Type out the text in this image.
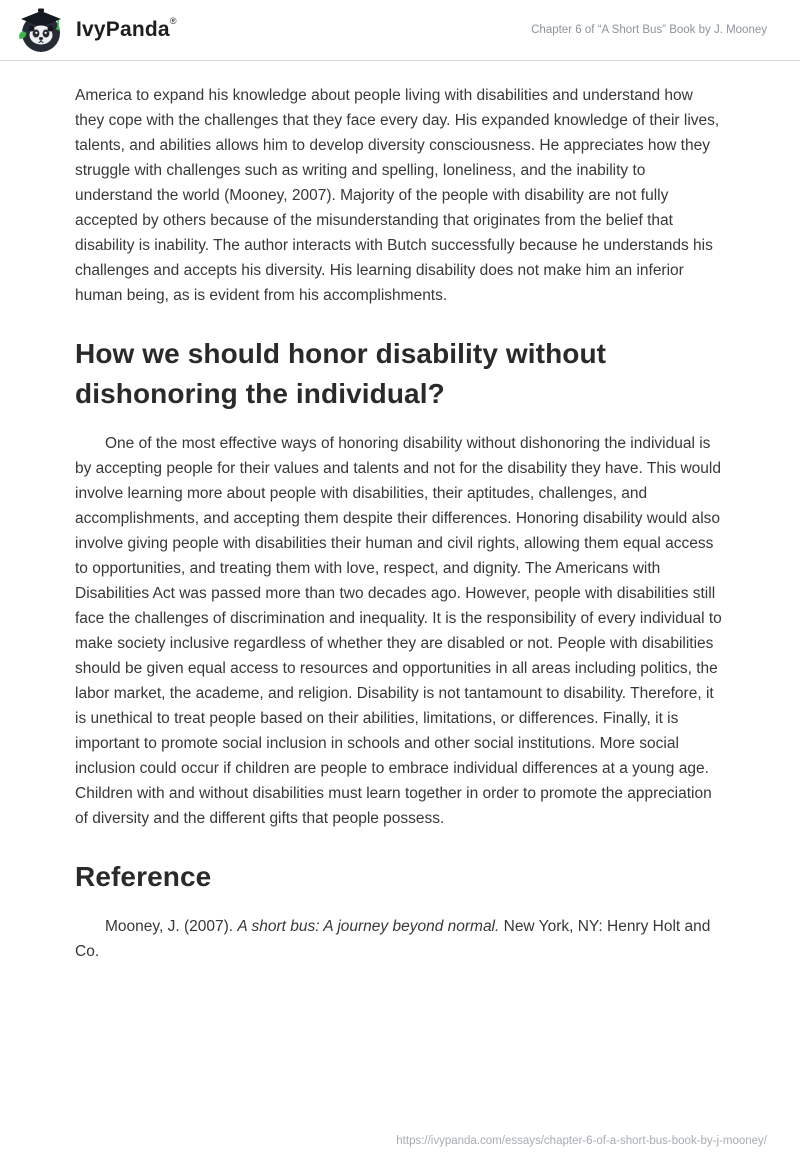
IvyPanda®
Chapter 6 of “A Short Bus” Book by J. Mooney

America to expand his knowledge about people living with disabilities and understand how they cope with the challenges that they face every day. His expanded knowledge of their lives, talents, and abilities allows him to develop diversity consciousness. He appreciates how they struggle with challenges such as writing and spelling, loneliness, and the inability to understand the world (Mooney, 2007). Majority of the people with disability are not fully accepted by others because of the misunderstanding that originates from the belief that disability is inability. The author interacts with Butch successfully because he understands his challenges and accepts his diversity. His learning disability does not make him an inferior human being, as is evident from his accomplishments.

How we should honor disability without dishonoring the individual?

One of the most effective ways of honoring disability without dishonoring the individual is by accepting people for their values and talents and not for the disability they have. This would involve learning more about people with disabilities, their aptitudes, challenges, and accomplishments, and accepting them despite their differences. Honoring disability would also involve giving people with disabilities their human and civil rights, allowing them equal access to opportunities, and treating them with love, respect, and dignity. The Americans with Disabilities Act was passed more than two decades ago. However, people with disabilities still face the challenges of discrimination and inequality. It is the responsibility of every individual to make society inclusive regardless of whether they are disabled or not. People with disabilities should be given equal access to resources and opportunities in all areas including politics, the labor market, the academe, and religion. Disability is not tantamount to disability. Therefore, it is unethical to treat people based on their abilities, limitations, or differences. Finally, it is important to promote social inclusion in schools and other social institutions. More social inclusion could occur if children are people to embrace individual differences at a young age. Children with and without disabilities must learn together in order to promote the appreciation of diversity and the different gifts that people possess.

Reference

Mooney, J. (2007). A short bus: A journey beyond normal. New York, NY: Henry Holt and Co.

https://ivypanda.com/essays/chapter-6-of-a-short-bus-book-by-j-mooney/
